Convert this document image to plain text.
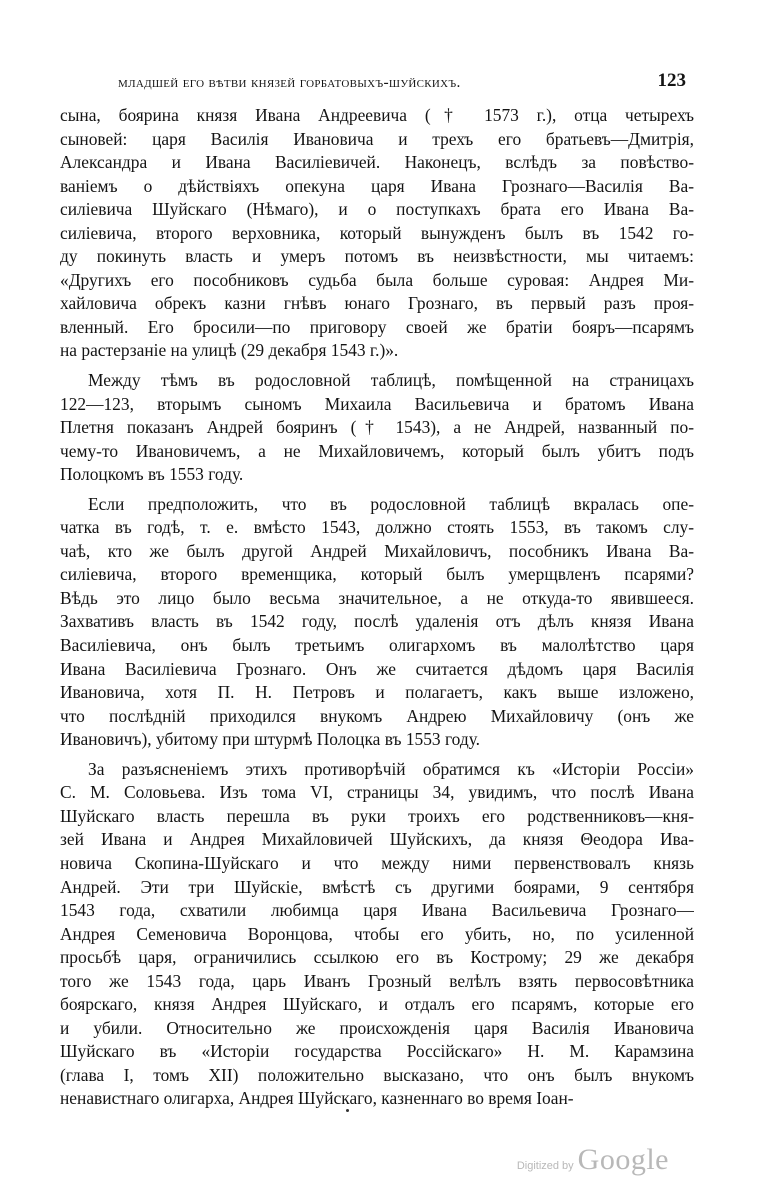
младшей его вѣтви князей горбатовыхъ-шуйскихъ.	123
сына, боярина князя Ивана Андреевича († 1573 г.), отца четырехъ
сыновей: царя Василія Ивановича и трехъ его братьевъ—Дмитрія,
Александра и Ивана Василіевичей. Наконецъ, вслѣдъ за повѣство-
ваніемъ о дѣйствіяхъ опекуна царя Ивана Грознаго—Василія Ва-
силіевича Шуйскаго (Нѣмаго), и о поступкахъ брата его Ивана Ва-
силіевича, второго верховника, который вынужденъ былъ въ 1542 го-
ду покинуть власть и умеръ потомъ въ неизвѣстности, мы читаемъ:
«Другихъ его пособниковъ судьба была больше суровая: Андрея Ми-
хайловича обрекъ казни гнѣвъ юнаго Грознаго, въ первый разъ проя-
вленный. Его бросили—по приговору своей же братіи бояръ—псарямъ
на растерзаніе на улицѣ (29 декабря 1543 г.)».
Между тѣмъ въ родословной таблицѣ, помѣщенной на страницахъ
122—123, вторымъ сыномъ Михаила Васильевича и братомъ Ивана
Плетня показанъ Андрей бояринъ († 1543), а не Андрей, названный по-
чему-то Ивановичемъ, а не Михайловичемъ, который былъ убитъ подъ
Полоцкомъ въ 1553 году.
Если предположить, что въ родословной таблицѣ вкралась опе-
чатка въ годѣ, т. е. вмѣсто 1543, должно стоять 1553, въ такомъ слу-
чаѣ, кто же былъ другой Андрей Михайловичъ, пособникъ Ивана Ва-
силіевича, второго временщика, который былъ умерщвленъ псарями?
Вѣдь это лицо было весьма значительное, а не откуда-то явившееся.
Захвативъ власть въ 1542 году, послѣ удаленія отъ дѣлъ князя Ивана
Василіевича, онъ былъ третьимъ олигархомъ въ малолѣтство царя
Ивана Василіевича Грознаго. Онъ же считается дѣдомъ царя Василія
Ивановича, хотя П. Н. Петровъ и полагаетъ, какъ выше изложено,
что послѣдній приходился внукомъ Андрею Михайловичу (онъ же
Ивановичъ), убитому при штурмѣ Полоцка въ 1553 году.
За разъясненіемъ этихъ противорѣчій обратимся къ «Исторіи Россіи»
С. М. Соловьева. Изъ тома VI, страницы 34, увидимъ, что послѣ Ивана
Шуйскаго власть перешла въ руки троихъ его родственниковъ—кня-
зей Ивана и Андрея Михайловичей Шуйскихъ, да князя Θеодора Ива-
новича Скопина-Шуйскаго и что между ними первенствовалъ князь
Андрей. Эти три Шуйскіе, вмѣстѣ съ другими боярами, 9 сентября
1543 года, схватили любимца царя Ивана Васильевича Грознаго—
Андрея Семеновича Воронцова, чтобы его убить, но, по усиленной
просьбѣ царя, ограничились ссылкою его въ Кострому; 29 же декабря
того же 1543 года, царь Иванъ Грозный велѣлъ взять первосовѣтника
боярскаго, князя Андрея Шуйскаго, и отдалъ его псарямъ, которые его
и убили. Относительно же происхожденія царя Василія Ивановича
Шуйскаго въ «Исторіи государства Россійскаго» Н. М. Карамзина
(глава I, томъ XII) положительно высказано, что онъ былъ внукомъ
ненавистнаго олигарха, Андрея Шуйскаго, казненнаго во время Іоан-
Digitized by Google
